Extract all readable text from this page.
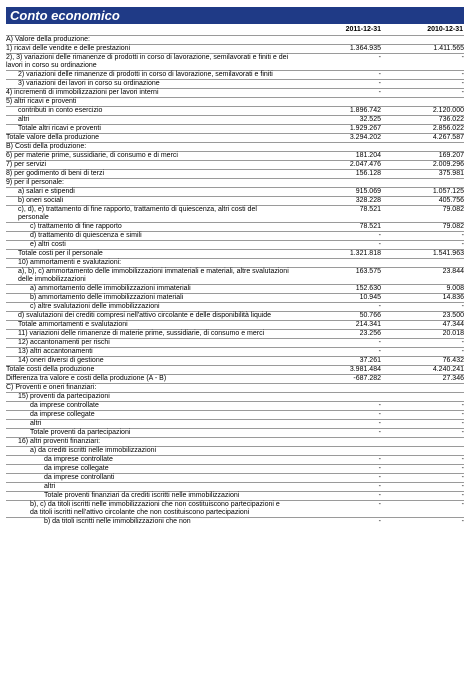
Conto economico
2011-12-31	2010-12-31
A) Valore della produzione:		
1) ricavi delle vendite e delle prestazioni	1.364.935	1.411.565
2), 3) variazioni delle rimanenze di prodotti in corso di lavorazione, semilavorati e finiti e dei lavori in corso su ordinazione	-	-
2) variazioni delle rimanenze di prodotti in corso di lavorazione, semilavorati e finiti	-	-
3) variazioni dei lavori in corso su ordinazione	-	-
4) incrementi di immobilizzazioni per lavori interni	-	-
5) altri ricavi e proventi		
contributi in conto esercizio	1.896.742	2.120.000
altri	32.525	736.022
Totale altri ricavi e proventi	1.929.267	2.856.022
Totale valore della produzione	3.294.202	4.267.587
B) Costi della produzione:		
6) per materie prime, sussidiarie, di consumo e di merci	181.204	169.207
7) per servizi	2.047.476	2.009.296
8) per godimento di beni di terzi	156.128	375.981
9) per il personale:		
a) salari e stipendi	915.069	1.057.125
b) oneri sociali	328.228	405.756
c), d), e) trattamento di fine rapporto, trattamento di quiescenza, altri costi del personale	78.521	79.082
c) trattamento di fine rapporto	78.521	79.082
d) trattamento di quiescenza e simili	-	-
e) altri costi	-	-
Totale costi per il personale	1.321.818	1.541.963
10) ammortamenti e svalutazioni:		
a), b), c) ammortamento delle immobilizzazioni immateriali e materiali, altre svalutazioni delle immobilizzazioni	163.575	23.844
a) ammortamento delle immobilizzazioni immateriali	152.630	9.008
b) ammortamento delle immobilizzazioni materiali	10.945	14.836
c) altre svalutazioni delle immobilizzazioni	-	-
d) svalutazioni dei crediti compresi nell'attivo circolante e delle disponibilità liquide	50.766	23.500
Totale ammortamenti e svalutazioni	214.341	47.344
11) variazioni delle rimanenze di materie prime, sussidiarie, di consumo e merci	23.256	20.018
12) accantonamenti per rischi	-	-
13) altri accantonamenti	-	-
14) oneri diversi di gestione	37.261	76.432
Totale costi della produzione	3.981.484	4.240.241
Differenza tra valore e costi della produzione (A - B)	-687.282	27.346
C) Proventi e oneri finanziari:		
15) proventi da partecipazioni		
da imprese controllate	-	-
da imprese collegate	-	-
altri	-	-
Totale proventi da partecipazioni	-	-
16) altri proventi finanziari:		
a) da crediti iscritti nelle immobilizzazioni		
da imprese controllate	-	-
da imprese collegate	-	-
da imprese controllanti	-	-
altri	-	-
Totale proventi finanziari da crediti iscritti nelle immobilizzazioni	-	-
b), c) da titoli iscritti nelle immobilizzazioni che non costituiscono partecipazioni e da titoli iscritti nell'attivo circolante che non costituiscono partecipazioni	-	-
b) da titoli iscritti nelle immobilizzazioni che non	-	-
